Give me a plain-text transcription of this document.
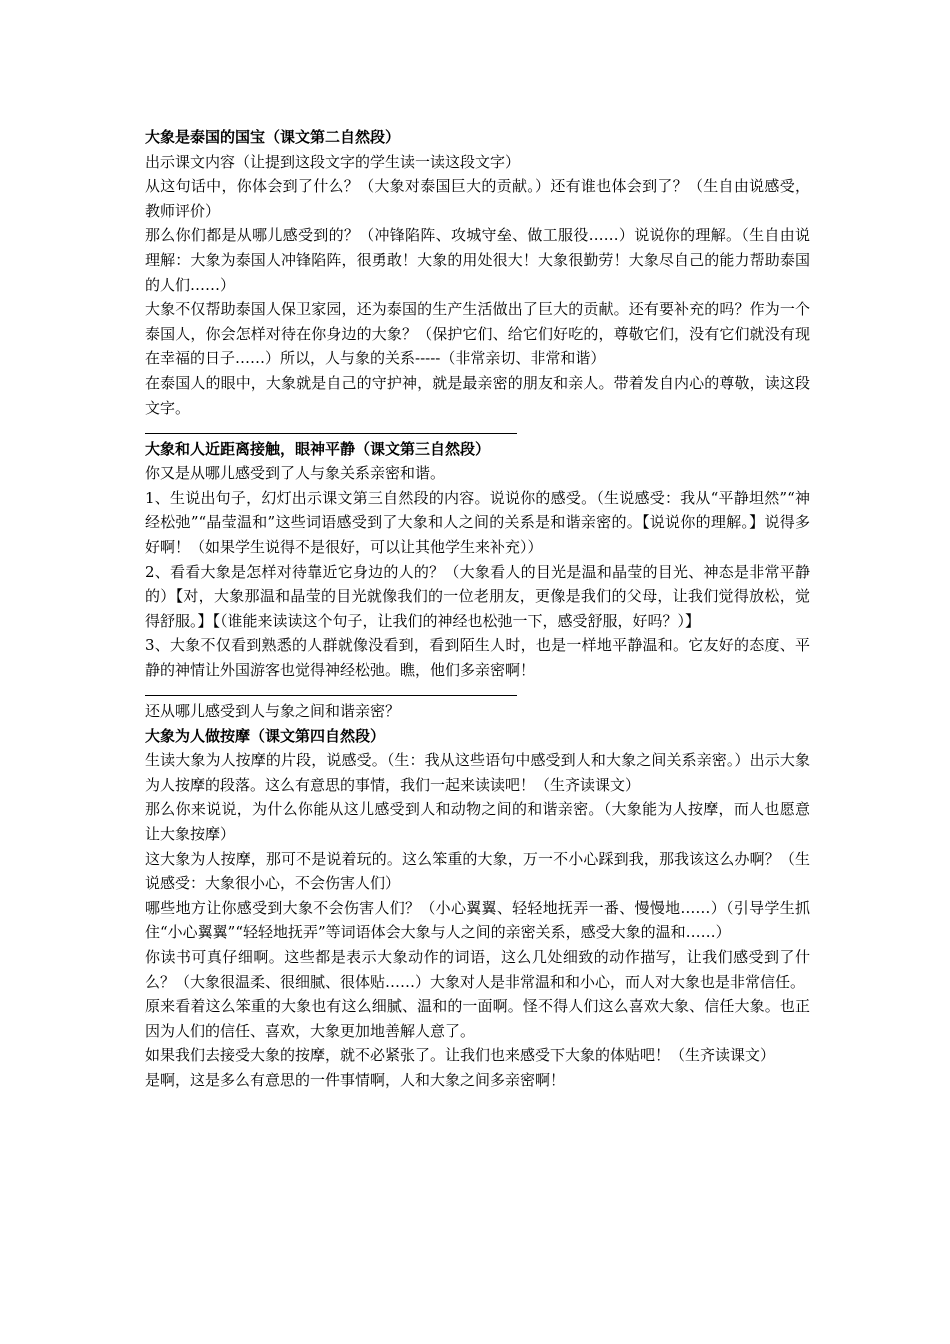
大象是泰国的国宝（课文第二自然段）

出示课文内容（让提到这段文字的学生读一读这段文字）

从这句话中，你体会到了什么？（大象对泰国巨大的贡献。）还有谁也体会到了？（生自由说感受，教师评价）

那么你们都是从哪儿感受到的？（冲锋陷阵、攻城守垒、做工服役……）说说你的理解。（生自由说理解：大象为泰国人冲锋陷阵，很勇敢！大象的用处很大！大象很勤劳！大象尽自己的能力帮助泰国的人们……）

大象不仅帮助泰国人保卫家园，还为泰国的生产生活做出了巨大的贡献。还有要补充的吗？作为一个泰国人，你会怎样对待在你身边的大象？（保护它们、给它们好吃的，尊敬它们，没有它们就没有现在幸福的日子……）所以，人与象的关系-----（非常亲切、非常和谐）

在泰国人的眼中，大象就是自己的守护神，就是最亲密的朋友和亲人。带着发自内心的尊敬，读这段文字。

大象和人近距离接触，眼神平静（课文第三自然段）

你又是从哪儿感受到了人与象关系亲密和谐。

1、生说出句子，幻灯出示课文第三自然段的内容。说说你的感受。（生说感受：我从“平静坦然”“神经松弛”“晶莹温和”这些词语感受到了大象和人之间的关系是和谐亲密的。【说说你的理解。】说得多好啊！（如果学生说得不是很好，可以让其他学生来补充））

2、看看大象是怎样对待靠近它身边的人的？（大象看人的目光是温和晶莹的目光、神态是非常平静的）【对，大象那温和晶莹的目光就像我们的一位老朋友，更像是我们的父母，让我们觉得放松，觉得舒服。】【（谁能来读读这个句子，让我们的神经也松弛一下，感受舒服，好吗？）】

3、大象不仅看到熟悉的人群就像没看到，看到陌生人时，也是一样地平静温和。它友好的态度、平静的神情让外国游客也觉得神经松弛。瞧，他们多亲密啊！

还从哪儿感受到人与象之间和谐亲密？

大象为人做按摩（课文第四自然段）

生读大象为人按摩的片段，说感受。（生：我从这些语句中感受到人和大象之间关系亲密。）出示大象为人按摩的段落。这么有意思的事情，我们一起来读读吧！（生齐读课文）

那么你来说说，为什么你能从这儿感受到人和动物之间的和谐亲密。（大象能为人按摩，而人也愿意让大象按摩）

这大象为人按摩，那可不是说着玩的。这么笨重的大象，万一不小心踩到我，那我该这么办啊？（生说感受：大象很小心，不会伤害人们）

哪些地方让你感受到大象不会伤害人们？（小心翼翼、轻轻地抚弄一番、慢慢地……）（引导学生抓住“小心翼翼”“轻轻地抚弄”等词语体会大象与人之间的亲密关系，感受大象的温和……）

你读书可真仔细啊。这些都是表示大象动作的词语，这么几处细致的动作描写，让我们感受到了什么？（大象很温柔、很细腻、很体贴……）大象对人是非常温和和小心，而人对大象也是非常信任。

原来看着这么笨重的大象也有这么细腻、温和的一面啊。怪不得人们这么喜欢大象、信任大象。也正因为人们的信任、喜欢，大象更加地善解人意了。

如果我们去接受大象的按摩，就不必紧张了。让我们也来感受下大象的体贴吧！（生齐读课文）

是啊，这是多么有意思的一件事情啊，人和大象之间多亲密啊！
